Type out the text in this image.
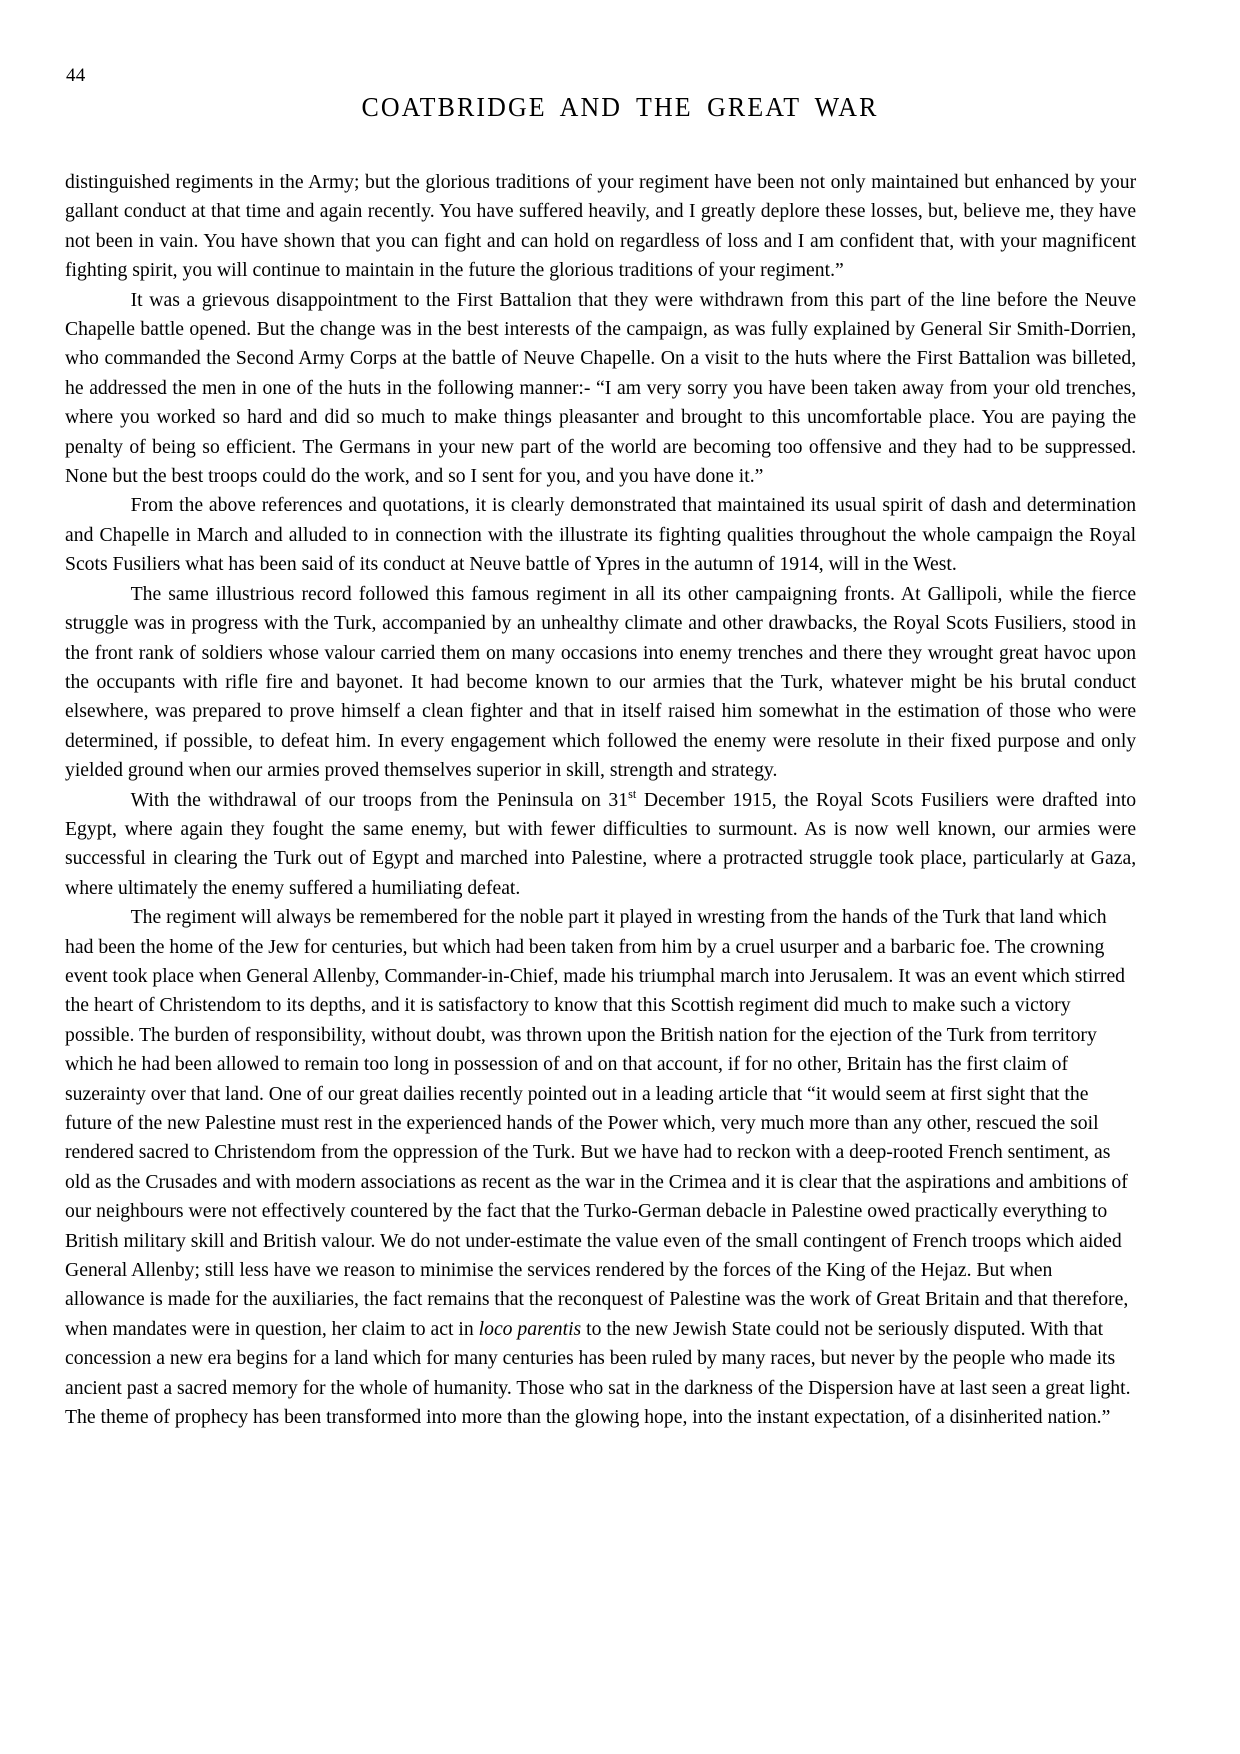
44
COATBRIDGE AND THE GREAT WAR

distinguished regiments in the Army; but the glorious traditions of your regiment have been not only maintained but enhanced by your gallant conduct at that time and again recently. You have suffered heavily, and I greatly deplore these losses, but, believe me, they have not been in vain. You have shown that you can fight and can hold on regardless of loss and I am confident that, with your magnificent fighting spirit, you will continue to maintain in the future the glorious traditions of your regiment.”

It was a grievous disappointment to the First Battalion that they were withdrawn from this part of the line before the Neuve Chapelle battle opened. But the change was in the best interests of the campaign, as was fully explained by General Sir Smith-Dorrien, who commanded the Second Army Corps at the battle of Neuve Chapelle. On a visit to the huts where the First Battalion was billeted, he addressed the men in one of the huts in the following manner:- “I am very sorry you have been taken away from your old trenches, where you worked so hard and did so much to make things pleasanter and brought to this uncomfortable place. You are paying the penalty of being so efficient. The Germans in your new part of the world are becoming too offensive and they had to be suppressed. None but the best troops could do the work, and so I sent for you, and you have done it.”

From the above references and quotations, it is clearly demonstrated that maintained its usual spirit of dash and determination and Chapelle in March and alluded to in connection with the illustrate its fighting qualities throughout the whole campaign the Royal Scots Fusiliers what has been said of its conduct at Neuve battle of Ypres in the autumn of 1914, will in the West.

The same illustrious record followed this famous regiment in all its other campaigning fronts. At Gallipoli, while the fierce struggle was in progress with the Turk, accompanied by an unhealthy climate and other drawbacks, the Royal Scots Fusiliers, stood in the front rank of soldiers whose valour carried them on many occasions into enemy trenches and there they wrought great havoc upon the occupants with rifle fire and bayonet. It had become known to our armies that the Turk, whatever might be his brutal conduct elsewhere, was prepared to prove himself a clean fighter and that in itself raised him somewhat in the estimation of those who were determined, if possible, to defeat him. In every engagement which followed the enemy were resolute in their fixed purpose and only yielded ground when our armies proved themselves superior in skill, strength and strategy.

With the withdrawal of our troops from the Peninsula on 31st December 1915, the Royal Scots Fusiliers were drafted into Egypt, where again they fought the same enemy, but with fewer difficulties to surmount. As is now well known, our armies were successful in clearing the Turk out of Egypt and marched into Palestine, where a protracted struggle took place, particularly at Gaza, where ultimately the enemy suffered a humiliating defeat.

The regiment will always be remembered for the noble part it played in wresting from the hands of the Turk that land which had been the home of the Jew for centuries, but which had been taken from him by a cruel usurper and a barbaric foe. The crowning event took place when General Allenby, Commander-in-Chief, made his triumphal march into Jerusalem. It was an event which stirred the heart of Christendom to its depths, and it is satisfactory to know that this Scottish regiment did much to make such a victory possible. The burden of responsibility, without doubt, was thrown upon the British nation for the ejection of the Turk from territory which he had been allowed to remain too long in possession of and on that account, if for no other, Britain has the first claim of suzerainty over that land. One of our great dailies recently pointed out in a leading article that “it would seem at first sight that the future of the new Palestine must rest in the experienced hands of the Power which, very much more than any other, rescued the soil rendered sacred to Christendom from the oppression of the Turk. But we have had to reckon with a deep-rooted French sentiment, as old as the Crusades and with modern associations as recent as the war in the Crimea and it is clear that the aspirations and ambitions of our neighbours were not effectively countered by the fact that the Turko-German debacle in Palestine owed practically everything to British military skill and British valour. We do not under-estimate the value even of the small contingent of French troops which aided General Allenby; still less have we reason to minimise the services rendered by the forces of the King of the Hejaz. But when allowance is made for the auxiliaries, the fact remains that the reconquest of Palestine was the work of Great Britain and that therefore, when mandates were in question, her claim to act in loco parentis to the new Jewish State could not be seriously disputed. With that concession a new era begins for a land which for many centuries has been ruled by many races, but never by the people who made its ancient past a sacred memory for the whole of humanity. Those who sat in the darkness of the Dispersion have at last seen a great light. The theme of prophecy has been transformed into more than the glowing hope, into the instant expectation, of a disinherited nation.”
